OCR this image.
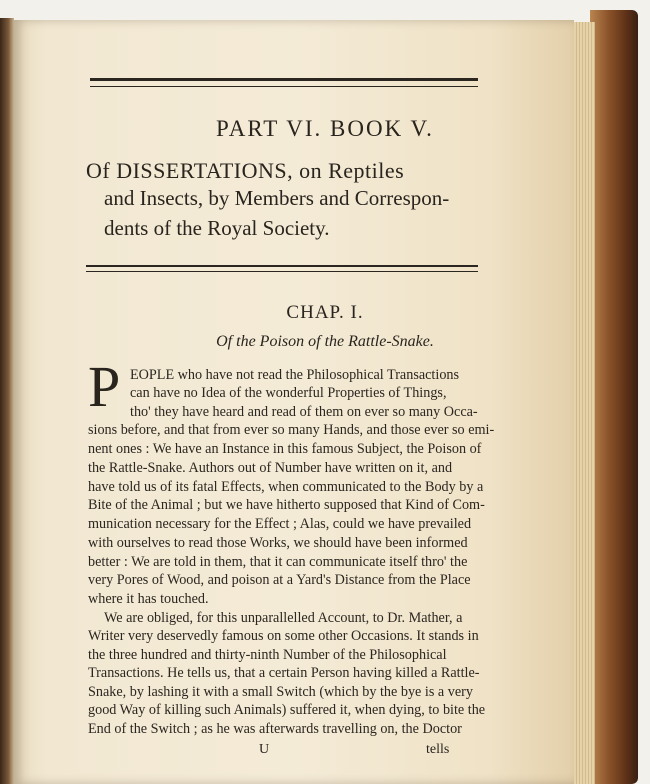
PART VI. BOOK V.
Of DISSERTATIONS, on Reptiles
and Insects, by Members and Correspon-
dents of the Royal Society.
CHAP. I.
Of the Poison of the Rattle-Snake.
P EOPLE who have not read the Philosophical Transactions
can have no Idea of the wonderful Properties of Things,
tho' they have heard and read of them on ever so many Occa-
sions before, and that from ever so many Hands, and those ever so emi-
nent ones : We have an Instance in this famous Subject, the Poison of
the Rattle-Snake. Authors out of Number have written on it, and
have told us of its fatal Effects, when communicated to the Body by a
Bite of the Animal ; but we have hitherto supposed that Kind of Com-
munication necessary for the Effect ; Alas, could we have prevailed
with ourselves to read those Works, we should have been informed
better : We are told in them, that it can communicate itself thro' the
very Pores of Wood, and poison at a Yard's Distance from the Place
where it has touched.
We are obliged, for this unparallelled Account, to Dr. Mather, a
Writer very deservedly famous on some other Occasions. It stands in
the three hundred and thirty-ninth Number of the Philosophical
Transactions. He tells us, that a certain Person having killed a Rattle-
Snake, by lashing it with a small Switch (which by the bye is a very
good Way of killing such Animals) suffered it, when dying, to bite the
End of the Switch ; as he was afterwards travelling on, the Doctor
U	tells
